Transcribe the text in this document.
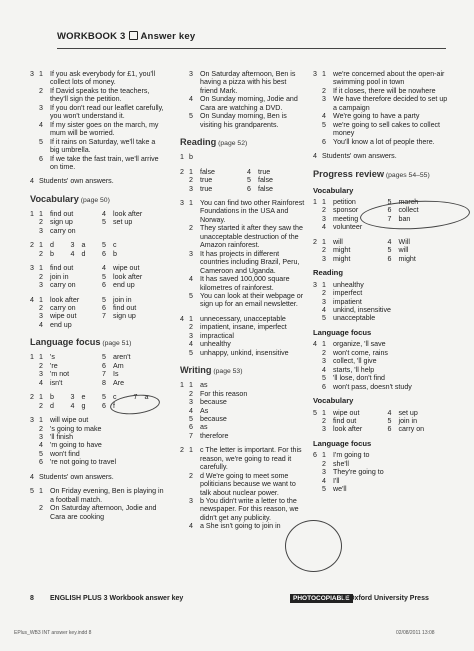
WORKBOOK 3 Answer key
3 1 If you ask everybody for £1, you'll collect lots of money.
2 If David speaks to the teachers, they'll sign the petition.
3 If you don't read our leaflet carefully, you won't understand it.
4 If my sister goes on the march, my mum will be worried.
5 If it rains on Saturday, we'll take a big umbrella.
6 If we take the fast train, we'll arrive on time.
4 Students' own answers.
Vocabulary (page 50)
1 1 find out	4 look after
2 sign up	5 set up
3 carry on
2 1 d	3 a	5 c
2 b	4 d	6 b
3 1 find out	4 wipe out
2 join in	5 look after
3 carry on	6 end up
4 1 look after	5 join in
2 carry on	6 find out
3 wipe out	7 sign up
4 end up
Language focus (page 51)
1 1 's	5 aren't
2 're	6 Am
3 'm not	7 Is
4 isn't	8 Are
2 1 b	3 e	5 c	7 a
2 d	4 g	6 f
3 1 will wipe out
2 's going to make
3 'll finish
4 'm going to have
5 won't find
6 're not going to travel
4 Students' own answers.
5 1 On Friday evening, Ben is playing in a football match.
2 On Saturday afternoon, Jodie and Cara are cooking
3 On Saturday afternoon, Ben is having a pizza with his best friend Mark.
4 On Sunday morning, Jodie and Cara are watching a DVD.
5 On Sunday morning, Ben is visiting his grandparents.
Reading (page 52)
1 b
2 1 false	4 true
2 true	5 false
3 true	6 false
3 1 You can find two other Rainforest Foundations in the USA and Norway.
2 They started it after they saw the unacceptable destruction of the Amazon rainforest.
3 It has projects in different countries including Brazil, Peru, Cameroon and Uganda.
4 It has saved 100,000 square kilometres of rainforest.
5 You can look at their webpage or sign up for an email newsletter.
4 1 unnecessary, unacceptable
2 impatient, insane, imperfect
3 impractical
4 unhealthy
5 unhappy, unkind, insensitive
Writing (page 53)
1 1 as
2 For this reason
3 because
4 As
5 because
6 as
7 therefore
2 1 c The letter is important. For this reason, we're going to read it carefully.
2 d We're going to meet some politicians because we want to talk about nuclear power.
3 b You didn't write a letter to the newspaper. For this reason, we didn't get any publicity.
4 a She isn't going to join in
3 1 we're concerned about the open-air swimming pool in town
2 If it closes, there will be nowhere
3 We have therefore decided to set up a campaign
4 We're going to have a party
5 we're going to sell cakes to collect money
6 You'll know a lot of people there.
4 Students' own answers.
Progress review (pages 54–55)
Vocabulary
1 1 petition	5 march
2 sponsor	6 collect
3 meeting	7 ban
4 volunteer
2 1 will	4 Will
2 might	5 will
3 might	6 might
Reading
3 1 unhealthy
2 imperfect
3 impatient
4 unkind, insensitive
5 unacceptable
Language focus
4 1 organize, 'll save
2 won't come, rains
3 collect, 'll give
4 starts, 'll help
5 'll lose, don't find
6 won't pass, doesn't study
Vocabulary
5 1 wipe out	4 set up
2 find out	5 join in
3 look after	6 carry on
Language focus
6 1 I'm going to
2 she'll
3 They're going to
4 I'll
5 we'll
8 ENGLISH PLUS 3 Workbook answer key	PHOTOCOPIABLE
© Oxford University Press
EPlus_WB3 INT answer key.indd 8	02/08/2011 13:08
